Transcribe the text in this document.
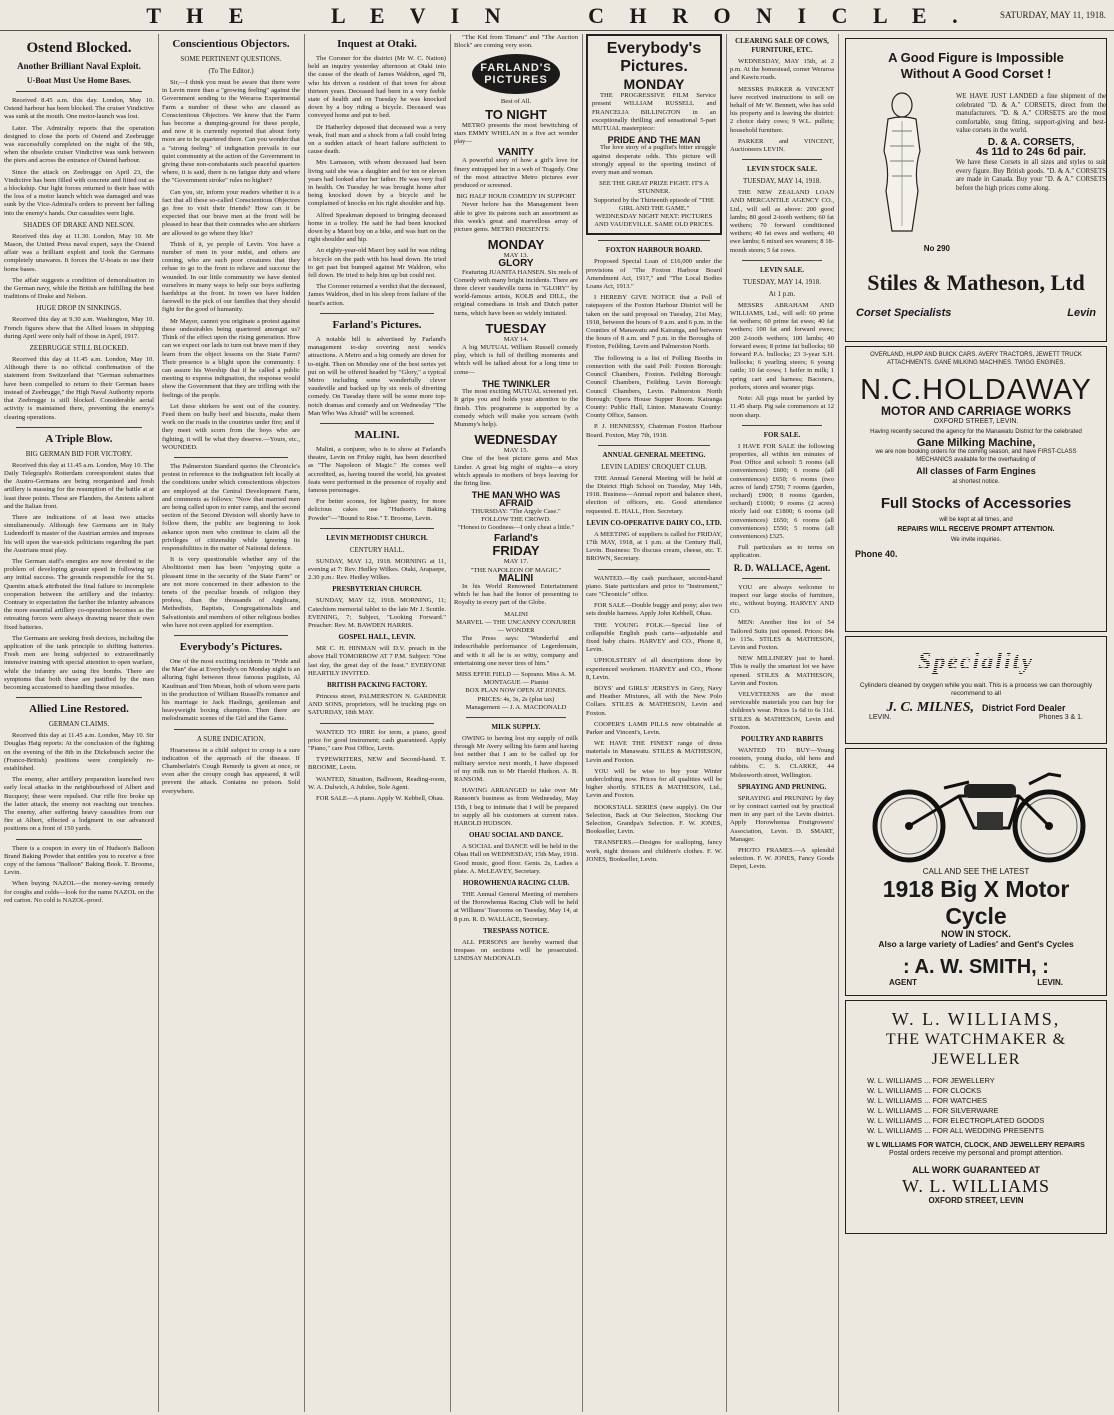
T H E     L E V I N     C H R O N I C L E .	SATURDAY, MAY 11, 1918.
Ostend Blocked.
Another Brilliant Naval Exploit.
U-Boat Must Use Home Bases.

Received 8.45 a.m. this day. London, May 10. Ostend harbour has been blocked. The cruiser Vindictive was sunk at the mouth. One motor-launch was lost.

Later. The Admiralty reports that the operation designed to close the ports of Ostend and Zeebrugge was successfully completed on the night of the 9th, when the obsolete cruiser Vindictive was sunk between the piers and across the entrance of Ostend harbour.

Since the attack on Zeebrugge on April 23, the Vindictive has been filled with concrete and fitted out as a blockship. Our light forces returned to their base with the loss of a motor launch which was damaged and was sunk by the Vice-Admiral's orders to prevent her falling into the enemy's hands. Our casualties were light.

SHADES OF DRAKE AND NELSON.

Received this day at 11.30. London, May 10. Mr Mason, the United Press naval expert, says the Ostend affair was a brilliant exploit and took the Germans completely unawares. It forces the U-boats to use their home bases.

The affair suggests a condition of demoralisation in the German navy, while the British are fulfilling the best traditions of Drake and Nelson.

HUGE DROP IN SINKINGS.

Received this day at 9.30 a.m. Washington, May 10. French figures show that the Allied losses in shipping during April were only half of those in April, 1917.

ZEEBRUGGE STILL BLOCKED.

Received this day at 11.45 a.m. London, May 10. Although there is no official confirmation of the statement from Switzerland that "German submarines have been compelled to return to their German bases instead of Zeebrugge," the High Naval Authority reports that Zeebrugge is still blocked. Considerable aerial activity is maintained there, preventing the enemy's clearing operations.

A Triple Blow.
BIG GERMAN BID FOR VICTORY.

Received this day at 11.45 a.m. London, May 10. The Daily Telegraph's Rotterdam correspondent states that the Austro-Germans are being reorganised and fresh artillery is massing for the resumption of the battle at at least three points. These are Flanders, the Amiens salient and the Italian front.

There are indications of at least two attacks simultaneously. Although few Germans are in Italy Ludendorff is master of the Austrian armies and imposes his will upon the war-sick politicians regarding the part the Austrians must play.

The German staff's energies are now devoted to the problem of developing greater speed in following up any initial success. The grounds responsible for the St. Quentin attack attributed the final failure to incomplete cooperation between the artillery and the infantry. Contrary to expectation the farther the infantry advances the more essential artillery co-operation becomes as the retreating forces were always drawing nearer their own fixed batteries.

The Germans are seeking fresh devices, including the application of the tank principle to shifting batteries. Fresh men are being subjected to extraordinarily intensive training with special attention to open warfare, while the infantry are using fire bombs. There are symptoms that both these are justified by the men becoming accustomed to handling these missiles.

Allied Line Restored.
GERMAN CLAIMS.

Received this day at 11.45 a.m. London, May 10. Sir Douglas Haig reports: At the conclusion of the fighting on the evening of the 8th in the Dickebusch sector the (Franco-British) positions were completely re-established.

The enemy, after artillery preparation launched two early local attacks in the neighbourhood of Albert and Bucquoy; these were repulsed. Our rifle fire broke up the latter attack, the enemy not reaching our trenches. The enemy, after suffering heavy casualties from our fire at Albert, effected a lodgment in our advanced positions on a front of 150 yards.

There is a coupon in every tin of Hudson's Balloon Brand Baking Powder that entitles you to receive a free copy of the famous "Balloon" Baking Book. T. Broome, Levin.

When buying NAZOL—the money-saving remedy for coughs and colds—look for the name NAZOL on the red carton. No cold is NAZOL-proof.

Conscientious Objectors.
SOME PERTINENT QUESTIONS.
(To The Editor.)

Sir,—I think you must be aware that there were in Levin more than a "growing feeling" against the Government sending to the Weraroa Experimental Farm a number of these who are classed as Conscientious Objectors. We know that the Farm has become a dumping-ground for these people, and now it is currently reported that about forty more are to be quartered there. Can you wonder that a "strong feeling" of indignation prevails in our quiet community at the action of the Government in giving these non-combatants such peaceful quarters where, it is said, there is no fatigue duty and where the "Government stroke" rules no higher?

Can you, sir, inform your readers whether it is a fact that all these so-called Conscientious Objectors go free to visit their friends? How can it be expected that our brave men at the front will be pleased to hear that their comrades who are shirkers are allowed to go where they like?

Think of it, ye people of Levin. You have a number of men in your midst, and others are coming, who are such poor creatures that they refuse to go to the front to relieve and succour the wounded. In our little community we have denied ourselves in many ways to help our boys suffering hardships at the front. In town we have bidden farewell to the pick of our families that they should fight for the good of humanity.

Mr Mayor, cannot you originate a protest against these undesirables being quartered amongst us? Think of the effect upon the rising generation. How can we expect our lads to turn out brave men if they learn from the object lessons on the State Farm? Their presence is a blight upon the community. I can assure his Worship that if he called a public meeting to express indignation, the response would show the Government that they are trifling with the feelings of the people.

Let these shirkers be sent out of the country. Feed them on bully beef and biscuits, make them work on the roads in the countries under fire; and if they meet with scorn from the boys who are fighting, it will be what they deserve.—Yours, etc., WOUNDED.

The Palmerston Standard quotes the Chronicle's protest in reference to the indignation felt locally at the conditions under which conscientious objectors are employed at the Central Development Farm, and comments as follows: "Now that married men are being called upon to enter camp, and the second section of the Second Division will shortly have to follow them, the public are beginning to look askance upon men who continue to claim all the privileges of citizenship while ignoring its responsibilities in the matter of National defence.

It is very questionable whether any of the Abolitionist men has been "enjoying quite a pleasant time in the security of the State Farm" or are not more concerned in their adhesion to the tenets of the peculiar brands of religion they profess, than the thousands of Anglicans, Methodists, Baptists, Congregationalists and Salvationists and members of other religious bodies who have not even applied for exemption.

Everybody's Pictures.

One of the most exciting incidents in "Pride and the Man" due at Everybody's on Monday night is an alluring fight between those famous pugilists, Al Kaufman and Tom Moran, both of whom were parts in the production of William Russell's romance and his marriage to Jack Haslings, gentleman and heavyweight boxing champion. Then there are melodramatic scenes of the Girl and the Game.

A SURE INDICATION.

Hoarseness in a child subject to croup is a sure indication of the approach of the disease. If Chamberlain's Cough Remedy is given at once, or even after the croupy cough has appeared, it will prevent the attack. Contains no poison. Sold everywhere.

Inquest at Otaki.

The Coroner for the district (Mr W. C. Nation) held an inquiry yesterday afternoon at Otaki into the cause of the death of James Waldron, aged 78, who his driven a resident of that town for about thirteen years. Deceased had been in a very feeble state of health and on Tuesday he was knocked down by a boy riding a bicycle. Deceased was conveyed home and put to bed.

Dr Hatherley deposed that deceased was a very weak, frail man and a shock from a fall could bring on a sudden attack of heart failure sufficient to cause death.

Mrs Lamason, with whom deceased had been living said she was a daughter and for ten or eleven years had looked after her father. He was very frail in health. On Tuesday he was brought home after being knocked down by a bicycle and he complained of knocks on his right shoulder and hip.

Alfred Speakman deposed to bringing deceased home in a trolley. He said he had been knocked down by a Maori boy on a bike, and was hurt on the right shoulder and hip.

An eighty-year-old Maori boy said he was riding a bicycle on the path with his head down. He tried to get past but bumped against Mr Waldron, who fell down. He tried to help him up but could not.

The Coroner returned a verdict that the deceased, James Waldron, died in his sleep from failure of the heart's action.

Farland's Pictures.

A notable bill is advertised by Farland's management to-day covering next week's attractions. A Metro and a big comedy are down for to-night. Then on Monday one of the best series yet put on will be offered headed by "Glory," a typical Metro including some wonderfully clever vaudeville and backed up by six reels of diverting comedy. On Tuesday there will be some more top-notch dramas and comedy and on Wednesday "The Man Who Was Afraid" will be screened.

MALINI.

Malini, a conjurer, who is to show at Farland's theatre, Levin on Friday night, has been described as "The Napoleon of Magic." He comes well accredited, as, having toured the world, his greatest feats were performed in the presence of royalty and famous personages.

For better scones, for lighter pastry, for more delicious cakes use "Hudson's Baking Powder"—"Bound to Rise." T. Broome, Levin.

LEVIN METHODIST CHURCH.
CENTURY HALL.

SUNDAY, MAY 12, 1918. MORNING at 11, evening at 7: Rev. Hedley Wilkes. Otaki, Arapaepe, 2.30 p.m.: Rev. Hedley Wilkes.

PRESBYTERIAN CHURCH.

SUNDAY, MAY 12, 1918. MORNING, 11; Catechism memorial tablet to the late Mr J. Scuttle. EVENING, 7; Subject, "Looking Forward." Preacher: Rev. M. BAWDEN HARRIS.

GOSPEL HALL, LEVIN.

MR C. H. HINMAN will D.V. preach in the above Hall TOMORROW AT 7 P.M. Subject: "One last day, the great day of the feast." EVERYONE HEARTILY INVITED.

BRITISH PACKING FACTORY.

Princess street, PALMERSTON N. GARDNER AND SONS, proprietors, will be trucking pigs on SATURDAY, 18th MAY.

WANTED TO HIRE for term, a piano, good price for good instrument; cash guaranteed. Apply "Piano," care Post Office, Levin.

TYPEWRITERS, NEW and Second-hand. T. BROOME, Levin.

WANTED, Situation, Ballroom, Reading-room, W. A. Dulwich, A Jubilee, Sole Agent.

FOR SALE—A piano. Apply W. Kebbell, Ohau.

"The Kid from Timaru" and "The Auction Block" are coming very soon.

FARLAND'S
PICTURES
Best of All.
TO NIGHT

METRO presents the most bewitching of stars EMMY WHELAN in a five act wonder play—

VANITY

A powerful story of how a girl's love for finery entrapped her in a web of Tragedy. One of the most attractive Metro pictures ever produced or screened.

BIG HALF HOUR COMEDY IN SUPPORT

Never before has the Management been able to give its patrons such an assortment as this week's great and marvellous array of picture gems. METRO PRESENTS:

MONDAY
MAY 13.
GLORY

Featuring JUANITA HANSEN. Six reels of Comedy with many bright incidents. There are three clever vaudeville turns in "GLORY" by world-famous artists, KOLB and DILL, the original comedians in Irish and Dutch patter turns, which have been so widely imitated.

TUESDAY
MAY 14.

A big MUTUAL William Russell comedy play, which is full of thrilling moments and which will be talked about for a long time to come—

THE TWINKLER

The most exciting MUTUAL screened yet. It grips you and holds your attention to the finish. This programme is supported by a comedy which will make you scream (with Mummy's help).

WEDNESDAY
MAY 15.

One of the best picture gems and Max Linder. A great big night of nights—a story which appeals to mothers of boys leaving for the firing line.

THE MAN WHO WAS AFRAID
THURSDAY: "The Argyle Case."
FOLLOW THE CROWD.
"Honest to Goodness—I only cheat a little."
Farland's
FRIDAY
MAY 17.
"THE NAPOLEON OF MAGIC."
MALINI

In his World Renowned Entertainment which he has had the honor of presenting to Royalty in every part of the Globe.

MALINI
MARVEL — THE UNCANNY CONJURER — WONDER

The Press says: "Wonderful and indescribable performance of Legerdemain, and with it all he is so witty, company and entertaining one never tires of him."

MISS EFFIE FIELD — Soprano. Miss A. M. MONTAGUE — Pianist
BOX PLAN NOW OPEN AT JONES. PRICES: 4s, 3s, 2s (plus tax)
Management — J. A. MACDONALD
MILK SUPPLY.

OWING to having lost my supply of milk through Mr Avery selling his farm and having lost neither that I am to be called up for military service next month, I have disposed of my milk run to Mr Harold Hudson. A. B. RANSOM.

HAVING ARRANGED to take over Mr Ransom's business as from Wednesday, May 15th, I beg to intimate that I will be prepared to supply all his customers at current rates. HAROLD HUDSON.

OHAU SOCIAL AND DANCE.

A SOCIAL and DANCE will be held in the Ohau Hall on WEDNESDAY, 15th May, 1918. Good music, good floor. Gents. 2s, Ladies a plate. A. McLEAVEY, Secretary.

HOROWHENUA RACING CLUB.

THE Annual General Meeting of members of the Horowhenua Racing Club will be held at Williams' Tearooms on Tuesday, May 14, at 8 p.m. R. D. WALLACE, Secretary.

TRESPASS NOTICE.

ALL PERSONS are hereby warned that trespass on sections will be prosecuted. LINDSAY McDONALD.

Everybody's Pictures.
MONDAY

THE PROGRESSIVE FILM Service present WILLIAM RUSSELL and FRANCELIA BILLINGTON in an exceptionally thrilling and sensational 5-part MUTUAL masterpiece:

PRIDE AND THE MAN

The love story of a pugilist's bitter struggle against desperate odds. This picture will strongly appeal to the sporting instinct of every man and woman.

SEE THE GREAT PRIZE FIGHT. IT'S A STUNNER.
Supported by the Thirteenth episode of "THE GIRL AND THE GAME."
WEDNESDAY NIGHT NEXT: PICTURES AND VAUDEVILLE. SAME OLD PRICES.
FOXTON HARBOUR BOARD.

Proposed Special Loan of £16,000 under the provisions of "The Foxton Harbour Board Amendment Act, 1917," and "The Local Bodies Loans Act, 1913."

I HEREBY GIVE NOTICE that a Poll of ratepayers of the Foxton Harbour District will be taken on the said proposal on Tuesday, 21st May, 1918, between the hours of 9 a.m. and 6 p.m. in the Counties of Manawatu and Kairanga, and between the hours of 8 a.m. and 7 p.m. in the Boroughs of Foxton, Feilding, Levin and Palmerston North.

The following is a list of Polling Booths in connection with the said Poll: Foxton Borough: Council Chambers, Foxton. Feilding Borough: Council Chambers, Feilding. Levin Borough: Council Chambers, Levin. Palmerston North Borough: Opera House Supper Room. Kairanga County: Public Hall, Linton. Manawatu County: County Office, Sanson.

P. J. HENNESSY, Chairman Foxton Harbour Board. Foxton, May 7th, 1918.

ANNUAL GENERAL MEETING.
LEVIN LADIES' CROQUET CLUB.

THE Annual General Meeting will be held at the District High School on Tuesday, May 14th, 1918. Business—Annual report and balance sheet, election of officers, etc. Good attendance requested. E. HALL, Hon. Secretary.

LEVIN CO-OPERATIVE DAIRY CO., LTD.

A MEETING of suppliers is called for FRIDAY, 17th MAY, 1918, at 1 p.m. at the Century Hall, Levin. Business: To discuss cream, cheese, etc. T. BROWN, Secretary.

WANTED.—By cash purchaser, second-hand piano. State particulars and price to "Instrument," care "Chronicle" office.

FOR SALE—Double buggy and pony; also two sets double harness. Apply John Kebbell, Ohau.

THE YOUNG FOLK.—Special line of collapsible English push carts—adjustable and fixed baby chairs. HARVEY and CO., Phone 8, Levin.

UPHOLSTERY of all descriptions done by experienced workmen. HARVEY and CO., Phone 8, Levin.

BOYS' and GIRLS' JERSEYS in Grey, Navy and Heather Mixtures, all with the New Polo Collars. STILES & MATHESON, Levin and Foxton.

COOPER'S LAMB PILLS now obtainable at Parker and Vincent's, Levin.

WE HAVE THE FINEST range of dress materials in Manawatu. STILES & MATHESON, Levin and Foxton.

YOU will be wise to buy your Winter underclothing now. Prices for all qualities will be higher shortly. STILES & MATHESON, Ltd., Levin and Foxton.

BOOKSTALL SERIES (new supply). On Our Selection, Back at Our Selection, Stocking Our Selection, Grandpa's Selection. F. W. JONES, Bookseller, Levin.

TRANSFERS.—Designs for scalloping, fancy work, night dresses and children's clothes. F. W. JONES, Bookseller, Levin.

CLEARING SALE OF COWS, FURNITURE, ETC.

WEDNESDAY, MAY 15th, at 2 p.m. At the homestead, corner Weraroa and Kawiu roads.

MESSRS PARKER & VINCENT have received instructions to sell on behalf of Mr W. Bennett, who has sold his property and is leaving the district: 2 choice dairy cows; 9 W.L. pullets; household furniture.

PARKER and VINCENT, Auctioneers LEVIN.

LEVIN STOCK SALE.
TUESDAY, MAY 14, 1918.

THE NEW ZEALAND LOAN AND MERCANTILE AGENCY CO., Ltd., will sell as above: 200 good lambs; 80 good 2-tooth wethers; 60 fat wethers; 70 forward conditioned wethers; 40 fat ewes and wethers; 40 ewe lambs; 6 mixed sex weaners; 8 18-month steers; 5 fat cows.

LEVIN SALE.
TUESDAY, MAY 14, 1918.
At 1 p.m.

MESSRS ABRAHAM AND WILLIAMS, Ltd., will sell: 60 prime fat wethers; 60 prime fat ewes; 40 fat wethers; 100 fat and forward ewes; 200 2-tooth wethers; 100 lambs; 40 forward ewes; 8 prime fat bullocks; 60 forward P.A. bullocks; 23 3-year S.H. bullocks; 6 yearling steers; 6 young cattle; 10 fat cows; 1 heifer in milk; 1 spring cart and harness; Baconers, porkers, stores and weaner pigs.

Note: All pigs must be yarded by 11.45 sharp. Pig sale commences at 12 noon sharp.

FOR SALE.

I HAVE FOR SALE the following properties, all within ten minutes of Post Office and school: 5 rooms (all conveniences) £600; 6 rooms (all conveniences) £650; 6 rooms (two acres of land) £750; 7 rooms (garden, orchard) £900; 8 rooms (garden, orchard) £1000; 9 rooms (2 acres) nicely laid out £1800; 6 rooms (all conveniences) £650; 6 rooms (all conveniences) £550; 5 rooms (all conveniences) £325.

Full particulars as to terms on application.

R. D. WALLACE, Agent.

YOU are always welcome to inspect our large stocks of furniture, etc., without buying. HARVEY AND CO.

MEN: Another fine lot of 54 Tailored Suits just opened. Prices: 84s to 115s. STILES & MATHESON, Levin and Foxton.

NEW MILLINERY just to hand. This is really the smartest lot we have opened. STILES & MATHESON, Levin and Foxton.

VELVETEENS are the most serviceable materials you can buy for children's wear. Prices 1s 6d to 6s 11d. STILES & MATHESON, Levin and Foxton.

POULTRY AND RABBITS

WANTED TO BUY—Young roosters, young ducks, old hens and rabbits. C. S. CLARKE, 44 Molesworth street, Wellington.

SPRAYING AND PRUNING.

SPRAYING and PRUNING by day or by contract carried out by practical men in any part of the Levin district. Apply Horowhenua Fruitgrowers' Association, Levin. D. SMART, Manager.

PHOTO FRAMES.—A splendid selection. F. W. JONES, Fancy Goods Depot, Levin.

A Good Figure is Impossible
Without A Good Corset !
No 290

WE HAVE JUST LANDED a fine shipment of the celebrated "D. & A." CORSETS, direct from the manufacturers. "D. & A." CORSETS are the most comfortable, snug fitting, support-giving and best-value corsets in the world.

D. & A. CORSETS,
4s 11d to 24s 6d pair.

We have these Corsets in all sizes and styles to suit every figure. Buy British goods. "D. & A." CORSETS are made in Canada. Buy your "D. & A." CORSETS before the high prices come along.

Stiles & Matheson, Ltd
Corset Specialists	Levin
OVERLAND, HUPP AND BUICK CARS. AVERY TRACTORS, JEWETT TRUCK ATTACHMENTS. GANE MILKING MACHINES. TWIGG ENGINES.
N.C.HOLDAWAY
MOTOR AND CARRIAGE WORKS
OXFORD STREET, LEVIN.
Having recently secured the agency for the Manawatu District for the celebrated
Gane Milking Machine,
we are now booking orders for the coming season, and have FIRST-CLASS MECHANICS available for the overhauling of
All classes of Farm Engines
at shortest notice.
Full Stocks of Accessories
will be kept at all times, and
REPAIRS WILL RECEIVE PROMPT ATTENTION.
We invite inquiries.
Phone 40.
Speciality
Cylinders cleaned by oxygen while you wait. This is a process we can thoroughly recommend to all
J. C. MILNES, District Ford Dealer
LEVIN.	Phones 3 & 1.
CALL AND SEE THE LATEST
1918 Big X Motor Cycle
NOW IN STOCK.
Also a large variety of Ladies' and Gent's Cycles
: A. W. SMITH, :
AGENT	LEVIN.
W. L. WILLIAMS,
THE WATCHMAKER & JEWELLER
W. L. WILLIAMS ... FOR JEWELLERY
W. L. WILLIAMS ... FOR CLOCKS
W. L. WILLIAMS ... FOR WATCHES
W. L. WILLIAMS ... FOR SILVERWARE
W. L. WILLIAMS ... FOR ELECTROPLATED GOODS
W. L. WILLIAMS ... FOR ALL WEDDING PRESENTS
W L WILLIAMS FOR WATCH, CLOCK, AND JEWELLERY REPAIRS
Postal orders receive my personal and prompt attention.
ALL WORK GUARANTEED AT
W. L. WILLIAMS
OXFORD STREET, LEVIN
